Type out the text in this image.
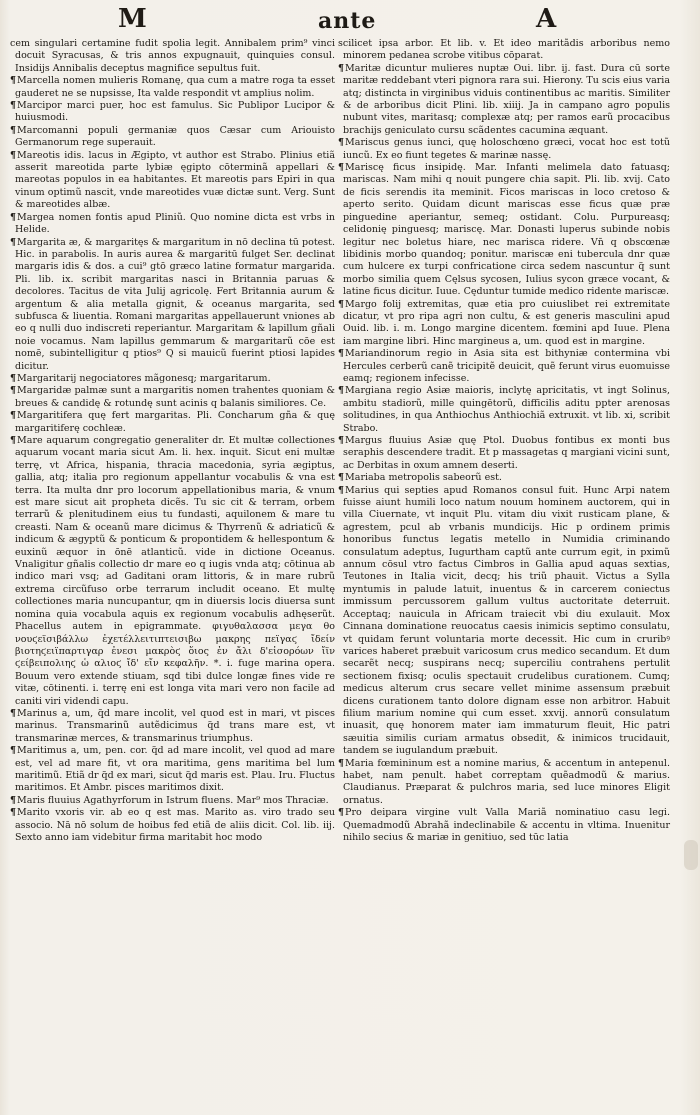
M	ante	A
cem singulari certamine fudit spolia legit. Annibalem prim⁹ vinci docuit Syracusas, & tris annos expugnauit, quinquies consul. Insidijs Annibalis deceptus magnifice sepultus fuit.
¶Marcella nomen mulieris Romanę, qua cum a matre roga ta esset gauderet ne se nupsisse, Ita valde respondit vt amplius nolim.
¶Marcipor marci puer, hoc est famulus. Sic Publipor Lucipor & huiusmodi.
¶Marcomanni populi germaniæ quos Cæsar cum Ariouisto Germanorum rege superauit.
¶Mareotis idis. lacus in Ægipto, vt author est Strabo. Plinius etiã asserit mareotida parte lybiæ ęgipto cōterminã appellari & mareotas populos in ea habitantes. Et mareotis pars Epiri in qua vinum optimũ nascit, vnde mareotides vuæ dictæ sunt. Verg. Sunt & mareotides albæ.
¶Margea nomen fontis apud Pliniũ. Quo nomine dicta est vrbs in Helide.
¶Margarita æ, & margaritęs & margaritum in nō declina tū potest. Hic. in parabolis. In auris aurea & margaritū fulget Ser. declinat margaris idis & dos. a cui⁹ gtō græco latine formatur margarida. Pli. lib. ix. scribit margaritas nasci in Britannia paruas & decolores. Tacitus de vita Julij agricolę. Fert Britannia aurum & argentum & alia metalla gignit, & oceanus margarita, sed subfusca & liuentia. Romani margaritas appellauerunt vniones ab eo q nulli duo indiscreti reperiantur. Margaritam & lapillum gñali noie vocamus. Nam lapillus gemmarum & margaritarũ cōe est nomē, subintelligitur q ptios⁹ Q si mauicũ fuerint ptiosi lapides dicitur.
¶Margaritarij negociatores mãgonesq; margaritarum.
¶Margaridæ palmæ sunt a margaritis nomen trahentes quoniam & breues & candidę & rotundę sunt acinis q balanis similiores. Ce.
¶Margaritifera quę fert margaritas. Pli. Concharum gña & quę margaritiferę cochleæ.
¶Mare aquarum congregatio generaliter dr. Et multæ collectiones aquarum vocant maria sicut Am. li. hex. inquit. Sicut eni multæ terrę, vt Africa, hispania, thracia macedonia, syria ægiptus, gallia, atq; italia pro regionum appellantur vocabulis & vna est terra. Ita multa dnr pro locorum appellationibus maria, & vnum est mare sicut ait propheta dicẽs. Tu sic cit & terram, orbem terrarũ & plenitudinem eius tu fundasti, aquilonem & mare tu creasti. Nam & oceanũ mare dicimus & Thyrrenũ & adriaticũ & indicum & ægyptũ & ponticum & propontidem & hellespontum & euxinũ æquor in ōnē atlanticũ. vide in dictione Oceanus. Vnaligitur gñalis collectio dr mare eo q iugis vnda atq; cōtinua ab indico mari vsq; ad Gaditani oram littoris, & in mare rubrũ extrema circũfuso orbe terrarum includit oceano. Et multę collectiones maria nuncupantur, qm in diuersis locis diuersa sunt nomina quia vocabula aquis ex regionum vocabulis adhęserũt. Phacellus autem in epigrammate. φιγυθαλασσα μεγα θο νουϛεϊσιβάλλω ἐχετέλλειτιπτεισιβω μακρης πεϊγαϛ ἴδείν βιοτηϛειϊπαρτιγαρ ἐνεσι μακρὸϛ ὅιος ἐν ἄλι δ'εἰσορόων ἴϊν ϛείβειπολιηϛ ὡ αλιοϛ ἴδ' εἴν κεφαλῆν. *. i. fuge marina opera. Bouum vero extende stiuam, sqd tibi dulce longæ fines vide re vitæ, cōtinenti. i. terrę eni est longa vita mari vero non facile ad caniti viri videndi capu.
¶Marinus a, um, q̃d mare incolit, vel quod est in mari, vt pisces marinus. Transmarinũ autẽdicimus q̃d trans mare est, vt transmarinæ merces, & transmarinus triumphus.
¶Maritimus a, um, pen. cor. q̃d ad mare incolit, vel quod ad mare est, vel ad mare fit, vt ora maritima, gens maritima bel lum maritimũ. Etiã dr q̃d ex mari, sicut q̃d maris est. Plau. Iru. Fluctus maritimos. Et Ambr. pisces maritimos dixit.
¶Maris fluuius Agathyrforum in Istrum fluens. Mar⁹ mos Thraciæ.
¶Marito vxoris vir. ab eo q est mas. Marito as. viro trado seu associo. Nā nō solum de hoibus fed etiã de aliis dicit. Col. lib. iij. Sexto anno iam videbitur firma maritabit hoc modo
scilicet ipsa arbor. Et lib. v. Et ideo maritãdis arboribus nemo minorem pedanea scrobe vitibus cōparat.
¶Maritæ dicuntur mulieres nuptæ Oui. libr. ij. fast. Dura cū sorte maritæ reddebant vteri pignora rara sui. Hierony. Tu scis eius varia atq; distincta in virginibus viduis continentibus ac maritis. Similiter & de arboribus dicit Plini. lib. xiiij. Ja in campano agro populis nubunt vites, maritasq; complexæ atq; per ramos earũ procacibus brachijs geniculato cursu scãdentes cacumina æquant.
¶Mariscus genus iunci, quę holoschœno græci, vocat hoc est totũ iuncũ. Ex eo fiunt tegetes & marinæ nassę.
¶Mariscę ficus insipidę. Mar. Infanti melimela dato fatuasq; mariscas. Nam mihi q nouit pungere chia sapit. Pli. lib. xvij. Cato de ficis serendis ita meminit. Ficos mariscas in loco cretoso & aperto serito. Quidam dicunt mariscas esse ficus quæ præ pinguedine aperiantur, semeq; ostidant. Colu. Purpureasq; celidonię pinguesq; mariscę. Mar. Donasti luperus subinde nobis legitur nec boletus hiare, nec marisca ridere. Vn̄ q obscœnæ libidinis morbo quandoq; ponitur. mariscæ eni tubercula dnr quæ cum hulcere ex turpi confricatione circa sedem nascuntur q̃ sunt morbo similia quem Cęlsus sycosen, Iulius sycon græce vocant, & latine ficus dicitur. Iuue. Cęduntur tumide medico ridente mariscæ.
¶Margo folij extremitas, quæ etia pro cuiuslibet rei extremitate dicatur, vt pro ripa agri non cultu, & est generis masculini apud Ouid. lib. i. m. Longo margine dicentem. fœmini apd Iuue. Plena iam margine libri. Hinc margineus a, um. quod est in margine.
¶Mariandinorum regio in Asia sita est bithyniæ contermina vbi Hercules cerberũ canẽ tricipitẽ deuicit, quẽ ferunt virus euomuisse eamq; regionem infecisse.
¶Margiana regio Asiæ maioris, inclytę apricitatis, vt ingt Solinus, ambitu stadiorũ, mille quingētorũ, difficilis aditu ppter arenosas solitudines, in qua Anthiochus Anthiochiã extruxit. vt lib. xi, scribit Strabo.
¶Margus fluuius Asiæ quę Ptol. Duobus fontibus ex monti bus seraphis descendere tradit. Et p massagetas q margiani vicini sunt, ac Derbitas in oxum amnem deserti.
¶Mariaba metropolis sabeorũ est.
¶Marius qui septies apud Romanos consul fuit. Hunc Arpi natem fuisse aiunt humili loco natum nouum hominem auctorem, qui in villa Ciuernate, vt inquit Plu. vitam diu vixit rusticam plane, & agrestem, pcul ab vrbanis mundicijs. Hic p ordinem primis honoribus functus legatis metello in Numidia criminando consulatum adeptus, Iugurtham captũ ante currum egit, in pximũ annum cōsul vtro factus Cimbros in Gallia apud aquas sextias, Teutones in Italia vicit, decq; his triũ phauit. Victus a Sylla myntumis in palude latuit, inuentus & in carcerem coniectus immissum percussorem gallum vultus auctoritate deterruit. Acceptaq; nauicula in Africam traiecit vbi diu exulauit. Mox Cinnana dominatione reuocatus caesis inimicis septimo consulatu, vt quidam ferunt voluntaria morte decessit. Hic cum in cruribꝰ varices haberet præbuit varicosum crus medico secandum. Et dum secarẽt necq; suspirans necq; superciliu contrahens pertulit sectionem fixisq; oculis spectauit crudelibus curationem. Cumq; medicus alterum crus secare vellet minime assensum præbuit dicens curationem tanto dolore dignam esse non arbitror. Habuit filium marium nomine qui cum esset. xxvij. annorũ consulatum inuasit, quę honorem mater iam immaturum fleuit, Hic patri sæuitia similis curiam armatus obsedit, & inimicos trucidauit, tandem se iugulandum præbuit.
¶Maria fœmininum est a nomine marius, & accentum in antepenul. habet, nam penult. habet correptam quẽadmodũ & marius. Claudianus. Præparat & pulchros maria, sed luce minores Eligit ornatus.
¶Pro deipara virgine vult Valla Mariã nominatiuo casu legi. Quemadmodũ Abrahã indeclinabile & accentu in vltima. Inuenitur nihilo secius & mariæ in genitiuo, sed tūc latia
